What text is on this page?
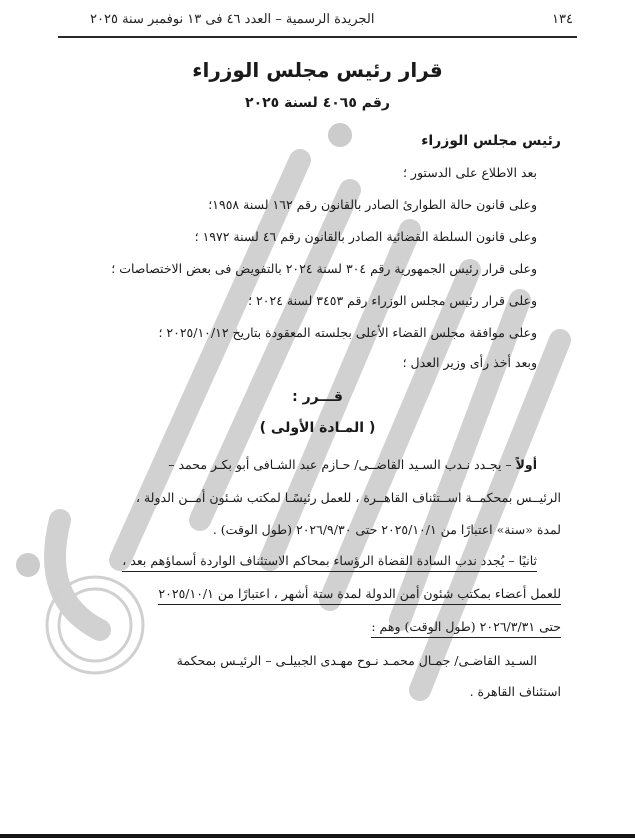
١٣٤
الجريدة الرسمية – العدد ٤٦ فى ١٣ نوفمبر سنة ٢٠٢٥
قرار رئيس مجلس الوزراء
رقم ٤٠٦٥ لسنة ٢٠٢٥
رئيس مجلس الوزراء
بعد الاطلاع على الدستور ؛
وعلى قانون حالة الطوارئ الصادر بالقانون رقم ١٦٢ لسنة ١٩٥٨؛
وعلى قانون السلطة القضائية الصادر بالقانون رقم ٤٦ لسنة ١٩٧٢ ؛
وعلى قرار رئيس الجمهورية رقم ٣٠٤ لسنة ٢٠٢٤ بالتفويض فى بعض الاختصاصات ؛
وعلى قرار رئيس مجلس الوزراء رقم ٣٤٥٣ لسنة ٢٠٢٤ ؛
وعلى موافقة مجلس القضاء الأعلى بجلسته المعقودة بتاريخ ٢٠٢٥/١٠/١٢ ؛
وبعد أخذ رأى وزير العدل ؛
قـــرر :
( المـادة الأولى )
أولاً – يجـدد نـدب السـيد القاضــى/ حـازم عبد الشـافى أبو بكـر محمد –
الرئيــس بمحكمــة اســتئناف القاهــرة ، للعمل رئيسًـا لمكتب شـئون أمــن الدولة ،
لمدة «سنة» اعتبارًا من ٢٠٢٥/١٠/١ حتى ٢٠٢٦/٩/٣٠ (طول الوقت) .
ثانيًا – يُجدد ندب السادة القضاة الرؤساء بمحاكم الاستئناف الواردة أسماؤهم بعد ،
للعمل أعضاء بمكتب شئون أمن الدولة لمدة ستة أشهر ، اعتبارًا من ٢٠٢٥/١٠/١
حتى ٢٠٢٦/٣/٣١ (طول الوقت) وهم :
السـيد القاضـى/ جمـال محمـد نـوح مهـدى الجبيلـى – الرئيـس بمحكمة
استئناف القاهرة .
